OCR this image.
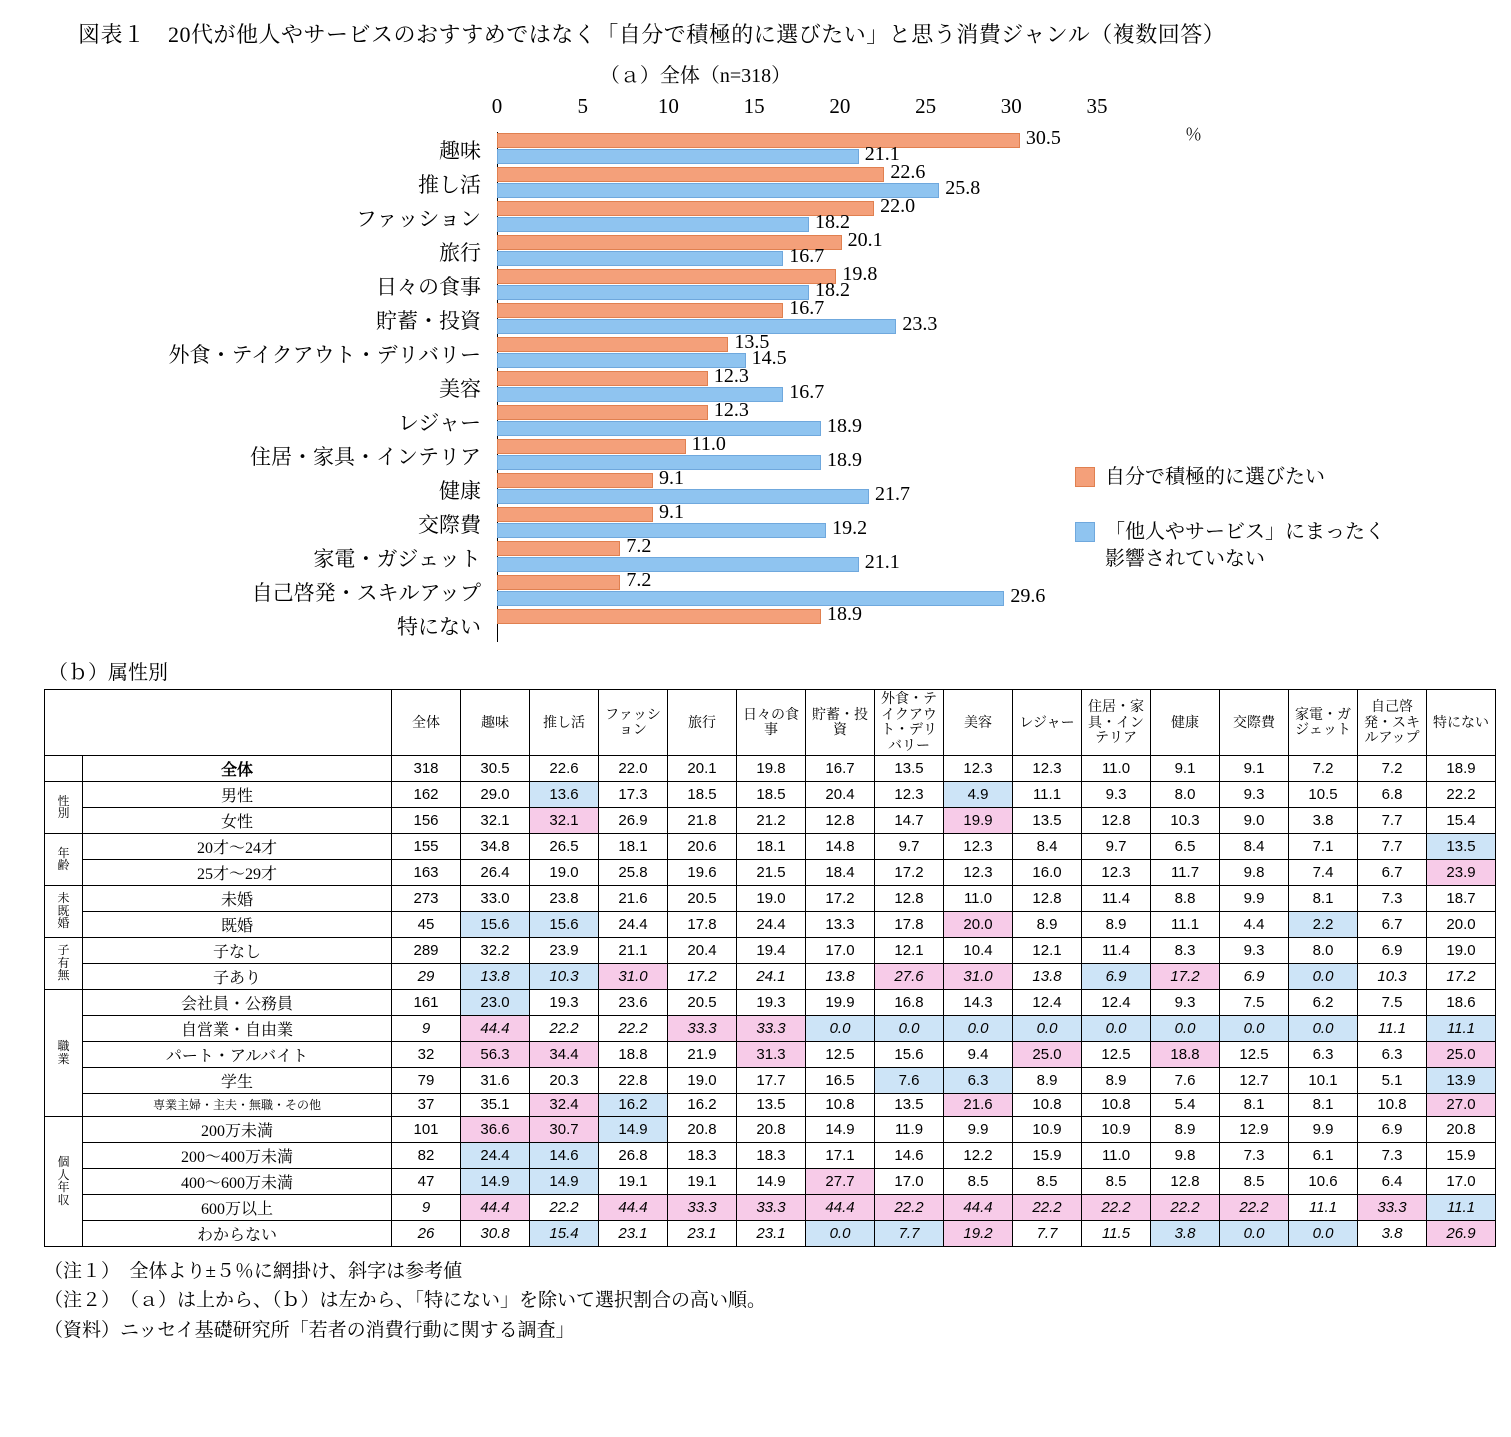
図表１　20代が他人やサービスのおすすめではなく「自分で積極的に選びたい」と思う消費ジャンル（複数回答）
（ａ）全体（n=318）
0	5	10	15	20	25	30	35
％
趣味
推し活
ファッション
旅行
日々の食事
貯蓄・投資
外食・テイクアウト・デリバリー
美容
レジャー
住居・家具・インテリア
健康
交際費
家電・ガジェット
自己啓発・スキルアップ
特にない
30.5
21.1
22.6
25.8
22.0
18.2
20.1
16.7
19.8
18.2
16.7
23.3
13.5
14.5
12.3
16.7
12.3
18.9
11.0
18.9
9.1
21.7
9.1
19.2
7.2
21.1
7.2
29.6
18.9
自分で積極的に選びたい
「他人やサービス」にまったく
影響されていない
（ｂ）属性別
		全体	趣味	推し活	ファッション	旅行	日々の食事	貯蓄・投資	外食・テイクアウト・デリバリー	美容	レジャー	住居・家具・インテリア	健康	交際費	家電・ガジェット	自己啓発・スキルアップ	特にない
	全体	318	30.5	22.6	22.0	20.1	19.8	16.7	13.5	12.3	12.3	11.0	9.1	9.1	7.2	7.2	18.9
性
別	男性	162	29.0	13.6	17.3	18.5	18.5	20.4	12.3	4.9	11.1	9.3	8.0	9.3	10.5	6.8	22.2
	女性	156	32.1	32.1	26.9	21.8	21.2	12.8	14.7	19.9	13.5	12.8	10.3	9.0	3.8	7.7	15.4
年
齢	20才～24才	155	34.8	26.5	18.1	20.6	18.1	14.8	9.7	12.3	8.4	9.7	6.5	8.4	7.1	7.7	13.5
	25才～29才	163	26.4	19.0	25.8	19.6	21.5	18.4	17.2	12.3	16.0	12.3	11.7	9.8	7.4	6.7	23.9
未
既
婚	未婚	273	33.0	23.8	21.6	20.5	19.0	17.2	12.8	11.0	12.8	11.4	8.8	9.9	8.1	7.3	18.7
	既婚	45	15.6	15.6	24.4	17.8	24.4	13.3	17.8	20.0	8.9	8.9	11.1	4.4	2.2	6.7	20.0
子
有
無	子なし	289	32.2	23.9	21.1	20.4	19.4	17.0	12.1	10.4	12.1	11.4	8.3	9.3	8.0	6.9	19.0
	子あり	29	13.8	10.3	31.0	17.2	24.1	13.8	27.6	31.0	13.8	6.9	17.2	6.9	0.0	10.3	17.2
職
業	会社員・公務員	161	23.0	19.3	23.6	20.5	19.3	19.9	16.8	14.3	12.4	12.4	9.3	7.5	6.2	7.5	18.6
	自営業・自由業	9	44.4	22.2	22.2	33.3	33.3	0.0	0.0	0.0	0.0	0.0	0.0	0.0	0.0	11.1	11.1
	パート・アルバイト	32	56.3	34.4	18.8	21.9	31.3	12.5	15.6	9.4	25.0	12.5	18.8	12.5	6.3	6.3	25.0
	学生	79	31.6	20.3	22.8	19.0	17.7	16.5	7.6	6.3	8.9	8.9	7.6	12.7	10.1	5.1	13.9
	専業主婦・主夫・無職・その他	37	35.1	32.4	16.2	16.2	13.5	10.8	13.5	21.6	10.8	10.8	5.4	8.1	8.1	10.8	27.0
個
人
年
収	200万未満	101	36.6	30.7	14.9	20.8	20.8	14.9	11.9	9.9	10.9	10.9	8.9	12.9	9.9	6.9	20.8
	200～400万未満	82	24.4	14.6	26.8	18.3	18.3	17.1	14.6	12.2	15.9	11.0	9.8	7.3	6.1	7.3	15.9
	400～600万未満	47	14.9	14.9	19.1	19.1	14.9	27.7	17.0	8.5	8.5	8.5	12.8	8.5	10.6	6.4	17.0
	600万以上	9	44.4	22.2	44.4	33.3	33.3	44.4	22.2	44.4	22.2	22.2	22.2	22.2	11.1	33.3	11.1
	わからない	26	30.8	15.4	23.1	23.1	23.1	0.0	7.7	19.2	7.7	11.5	3.8	0.0	0.0	3.8	26.9
（注１）　全体より±５％に網掛け、斜字は参考値
（注２）　（ａ）は上から、（ｂ）は左から、「特にない」を除いて選択割合の高い順。
（資料）ニッセイ基礎研究所「若者の消費行動に関する調査」
